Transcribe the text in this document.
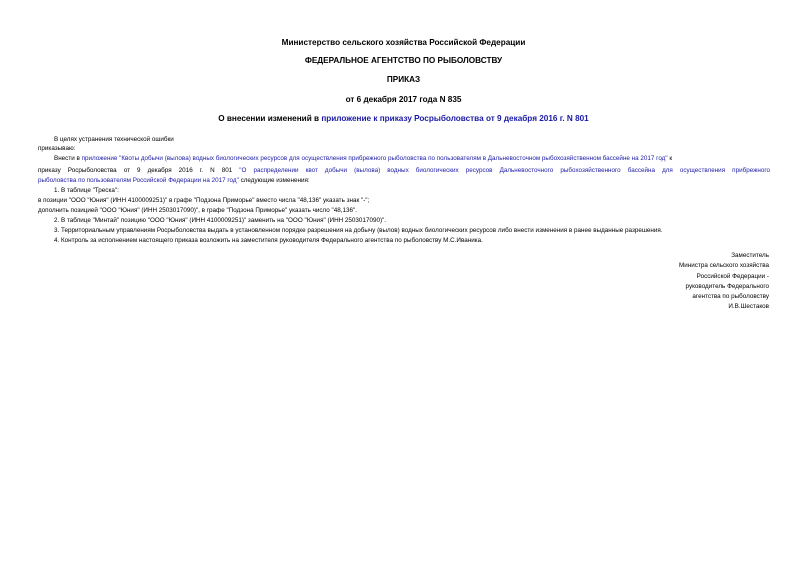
Министерство сельского хозяйства Российской Федерации
ФЕДЕРАЛЬНОЕ АГЕНТСТВО ПО РЫБОЛОВСТВУ
ПРИКАЗ
от 6 декабря 2017 года N 835
О внесении изменений в приложение к приказу Росрыболовства от 9 декабря 2016 г. N 801
В целях устранения технической ошибки
приказываю:
Внести в приложение "Квоты добычи (вылова) водных биологических ресурсов для осуществления прибрежного рыболовства по пользователям в Дальневосточном рыбохозяйственном бассейне на 2017 год" к
приказу Росрыболовства от 9 декабря 2016 г. N 801 "О распределении квот добычи (вылова) водных биологических ресурсов Дальневосточного рыбохозяйственного бассейна для осуществления прибрежного
рыболовства по пользователям Российской Федерации на 2017 год" следующие изменения:
1. В таблице "Треска":
в позиции "ООО "Юния" (ИНН 4100009251)" в графе "Подзона Приморье" вместо числа "48,136" указать знак "-";
дополнить позицией "ООО "Юния" (ИНН 2503017090)", в графе "Подзона Приморье" указать число "48,136".
2. В таблице "Минтай" позицию "ООО "Юния" (ИНН 4100009251)" заменить на "ООО "Юния" (ИНН 2503017090)".
3. Территориальным управлениям Росрыболовства выдать в установленном порядке разрешения на добычу (вылов) водных биологических ресурсов либо внести изменения в ранее выданные разрешения.
4. Контроль за исполнением настоящего приказа возложить на заместителя руководителя Федерального агентства по рыболовству М.С.Иваника.
Заместитель
Министра сельского хозяйства
Российской Федерации -
руководитель Федерального
агентства по рыболовству
И.В.Шестаков
